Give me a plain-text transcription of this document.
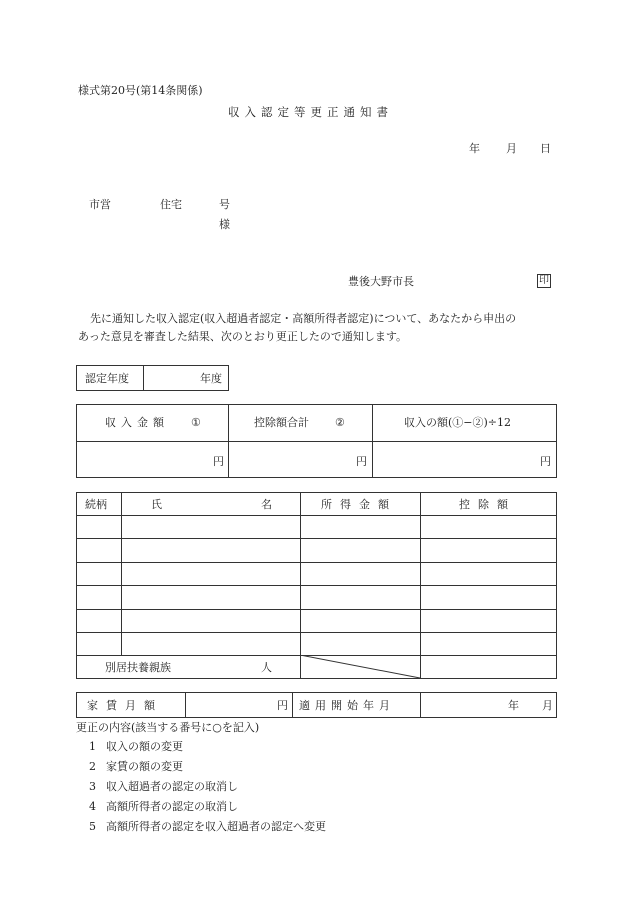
様式第20号(第14条関係)
収入認定等更正通知書
年 月 日
市営	住宅	号
様
豊後大野市長	印
先に通知した収入認定(収入超過者認定・高額所得者認定)について、あなたから申出の
あった意見を審査した結果、次のとおり更正したので通知します。
認定年度	年度
収入金額 ①	控除額合計 ②	収入の額(①−②)÷12
円	円	円
続柄	氏	名	所得金額	控除額
別居扶養親族	人
家賃月額	円 適用開始年月	年 月
更正の内容(該当する番号に○を記入)
1 収入の額の変更
2 家賃の額の変更
3 収入超過者の認定の取消し
4 高額所得者の認定の取消し
5 高額所得者の認定を収入超過者の認定へ変更
